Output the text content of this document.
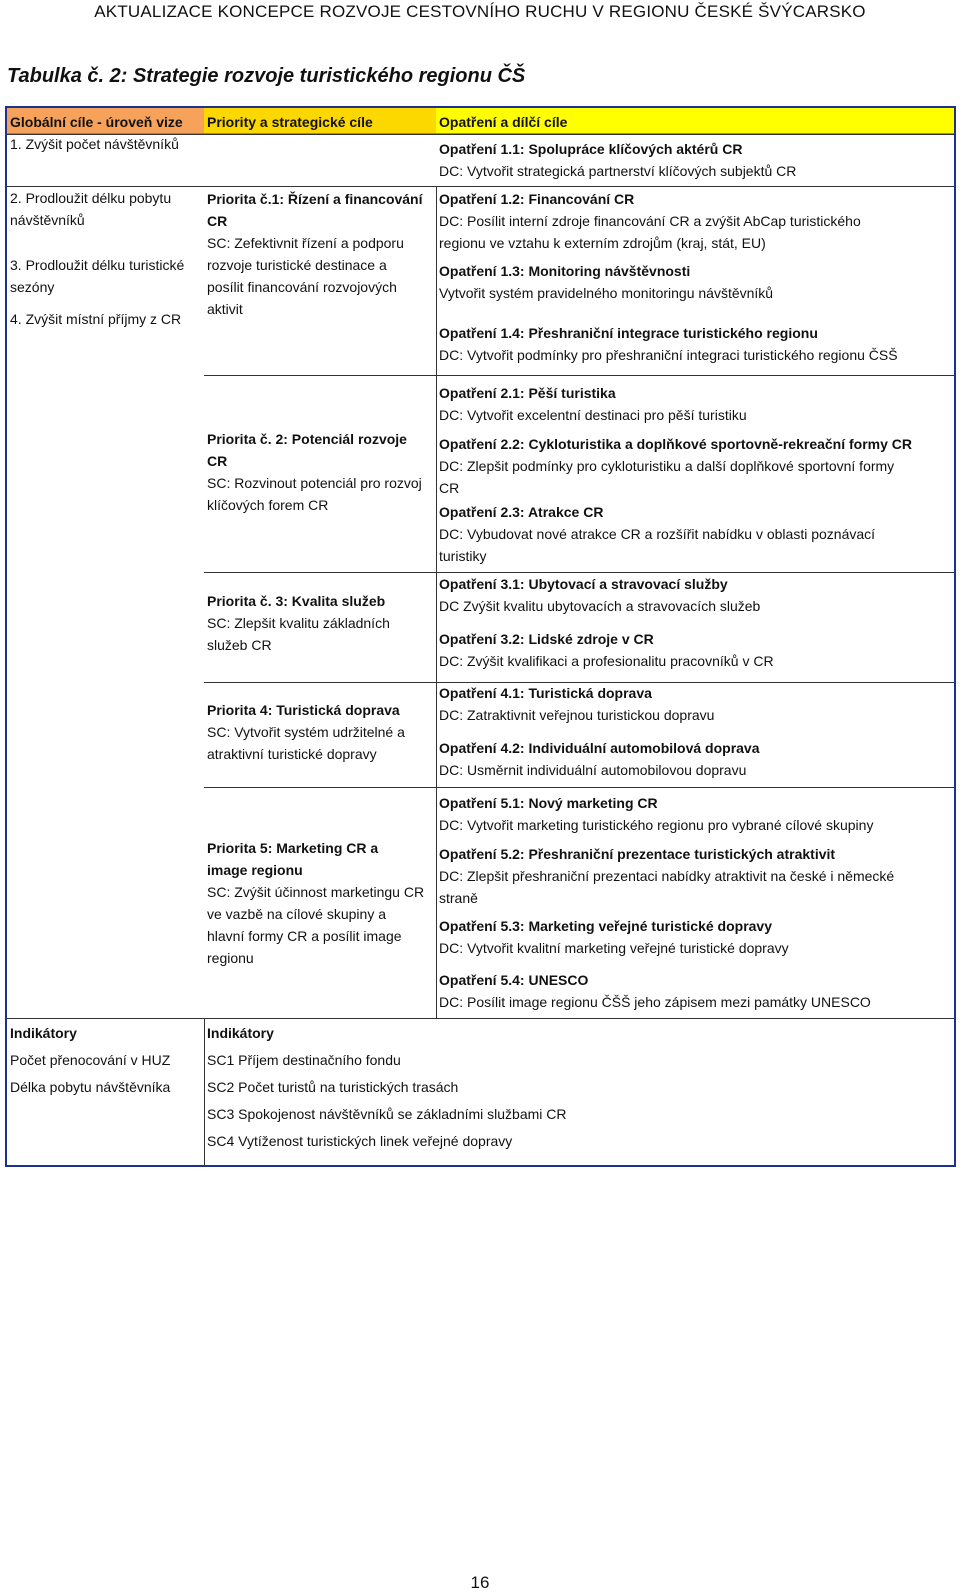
AKTUALIZACE KONCEPCE ROZVOJE CESTOVNÍHO RUCHU V REGIONU ČESKÉ ŠVÝCARSKO
Tabulka č. 2: Strategie rozvoje turistického regionu ČŠ
Globální cíle - úroveň vize	Priority a strategické cíle	Opatření a dílčí cíle
1. Zvýšit počet návštěvníků
2. Prodloužit délku pobytu
návštěvníků
3. Prodloužit délku turistické
sezóny
4. Zvýšit místní příjmy z CR
Priorita č.1: Řízení a financování
CR
SC: Zefektivnit řízení a podporu
rozvoje turistické destinace a
posílit financování rozvojových
aktivit
Priorita č. 2: Potenciál rozvoje
CR
SC: Rozvinout potenciál pro rozvoj
klíčových forem CR
Priorita č. 3: Kvalita služeb
SC: Zlepšit kvalitu základních
služeb CR
Priorita 4: Turistická doprava
SC: Vytvořit systém udržitelné a
atraktivní turistické dopravy
Priorita 5: Marketing CR a
image regionu
SC: Zvýšit účinnost marketingu CR
ve vazbě na cílové skupiny a
hlavní formy CR a posílit image
regionu
Opatření 1.1: Spolupráce klíčových aktérů CR
DC: Vytvořit strategická partnerství klíčových subjektů CR
Opatření 1.2: Financování CR
DC: Posílit interní zdroje financování CR a zvýšit AbCap turistického
regionu ve vztahu k externím zdrojům (kraj, stát, EU)
Opatření 1.3: Monitoring návštěvnosti
Vytvořit systém pravidelného monitoringu návštěvníků
Opatření 1.4: Přeshraniční integrace turistického regionu
DC: Vytvořit podmínky pro přeshraniční integraci turistického regionu ČSŠ
Opatření 2.1: Pěší turistika
DC: Vytvořit excelentní destinaci pro pěší turistiku
Opatření 2.2: Cykloturistika a doplňkové sportovně-rekreační formy CR
DC: Zlepšit podmínky pro cykloturistiku a další doplňkové sportovní formy
CR
Opatření 2.3: Atrakce CR
DC: Vybudovat nové atrakce CR a rozšířit nabídku v oblasti poznávací
turistiky
Opatření 3.1: Ubytovací a stravovací služby
DC Zvýšit kvalitu ubytovacích a stravovacích služeb
Opatření 3.2: Lidské zdroje v CR
DC: Zvýšit kvalifikaci a profesionalitu pracovníků v CR
Opatření 4.1: Turistická doprava
DC: Zatraktivnit veřejnou turistickou dopravu
Opatření 4.2: Individuální automobilová doprava
DC: Usměrnit individuální automobilovou dopravu
Opatření 5.1: Nový marketing CR
DC: Vytvořit marketing turistického regionu pro vybrané cílové skupiny
Opatření 5.2: Přeshraniční prezentace turistických atraktivit
DC: Zlepšit přeshraniční prezentaci nabídky atraktivit na české i německé
straně
Opatření 5.3: Marketing veřejné turistické dopravy
DC: Vytvořit kvalitní marketing veřejné turistické dopravy
Opatření 5.4: UNESCO
DC: Posílit image regionu ČŠŠ jeho zápisem mezi památky UNESCO
Indikátory
Počet přenocování v HUZ
Délka pobytu návštěvníka
Indikátory
SC1 Příjem destinačního fondu
SC2 Počet turistů na turistických trasách
SC3 Spokojenost návštěvníků se základními službami CR
SC4 Vytíženost turistických linek veřejné dopravy
16
